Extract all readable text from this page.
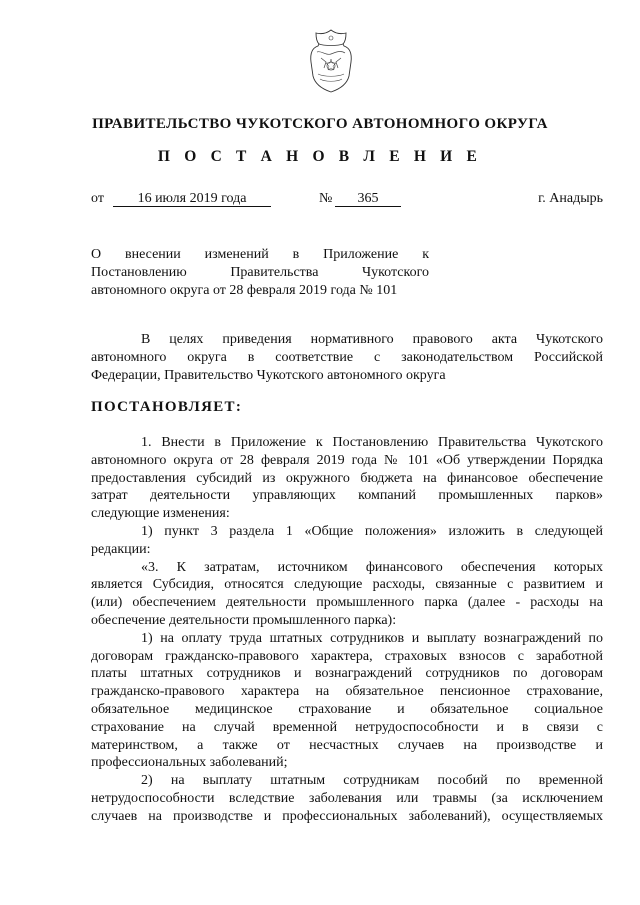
ПРАВИТЕЛЬСТВО ЧУКОТСКОГО АВТОНОМНОГО ОКРУГА
П О С Т А Н О В Л Е Н И Е
от	16 июля 2019 года	№	365	г. Анадырь
О внесении изменений в Приложение к
Постановлению Правительства Чукотского
автономного округа от 28 февраля 2019 года № 101
В целях приведения нормативного правового акта Чукотского
автономного округа в соответствие с законодательством Российской
Федерации, Правительство Чукотского автономного округа
ПОСТАНОВЛЯЕТ:
1. Внести в Приложение к Постановлению Правительства Чукотского
автономного округа от 28 февраля 2019 года № 101 «Об утверждении Порядка
предоставления субсидий из окружного бюджета на финансовое обеспечение
затрат деятельности управляющих компаний промышленных парков»
следующие изменения:
1) пункт 3 раздела 1 «Общие положения» изложить в следующей
редакции:
«3. К затратам, источником финансового обеспечения которых
является Субсидия, относятся следующие расходы, связанные с развитием и
(или) обеспечением деятельности промышленного парка (далее - расходы на
обеспечение деятельности промышленного парка):
1) на оплату труда штатных сотрудников и выплату вознаграждений по
договорам гражданско-правового характера, страховых взносов с заработной
платы штатных сотрудников и вознаграждений сотрудников по договорам
гражданско-правового характера на обязательное пенсионное страхование,
обязательное медицинское страхование и обязательное социальное
страхование на случай временной нетрудоспособности и в связи с
материнством, а также от несчастных случаев на производстве и
профессиональных заболеваний;
2) на выплату штатным сотрудникам пособий по временной
нетрудоспособности вследствие заболевания или травмы (за исключением
случаев на производстве и профессиональных заболеваний), осуществляемых
